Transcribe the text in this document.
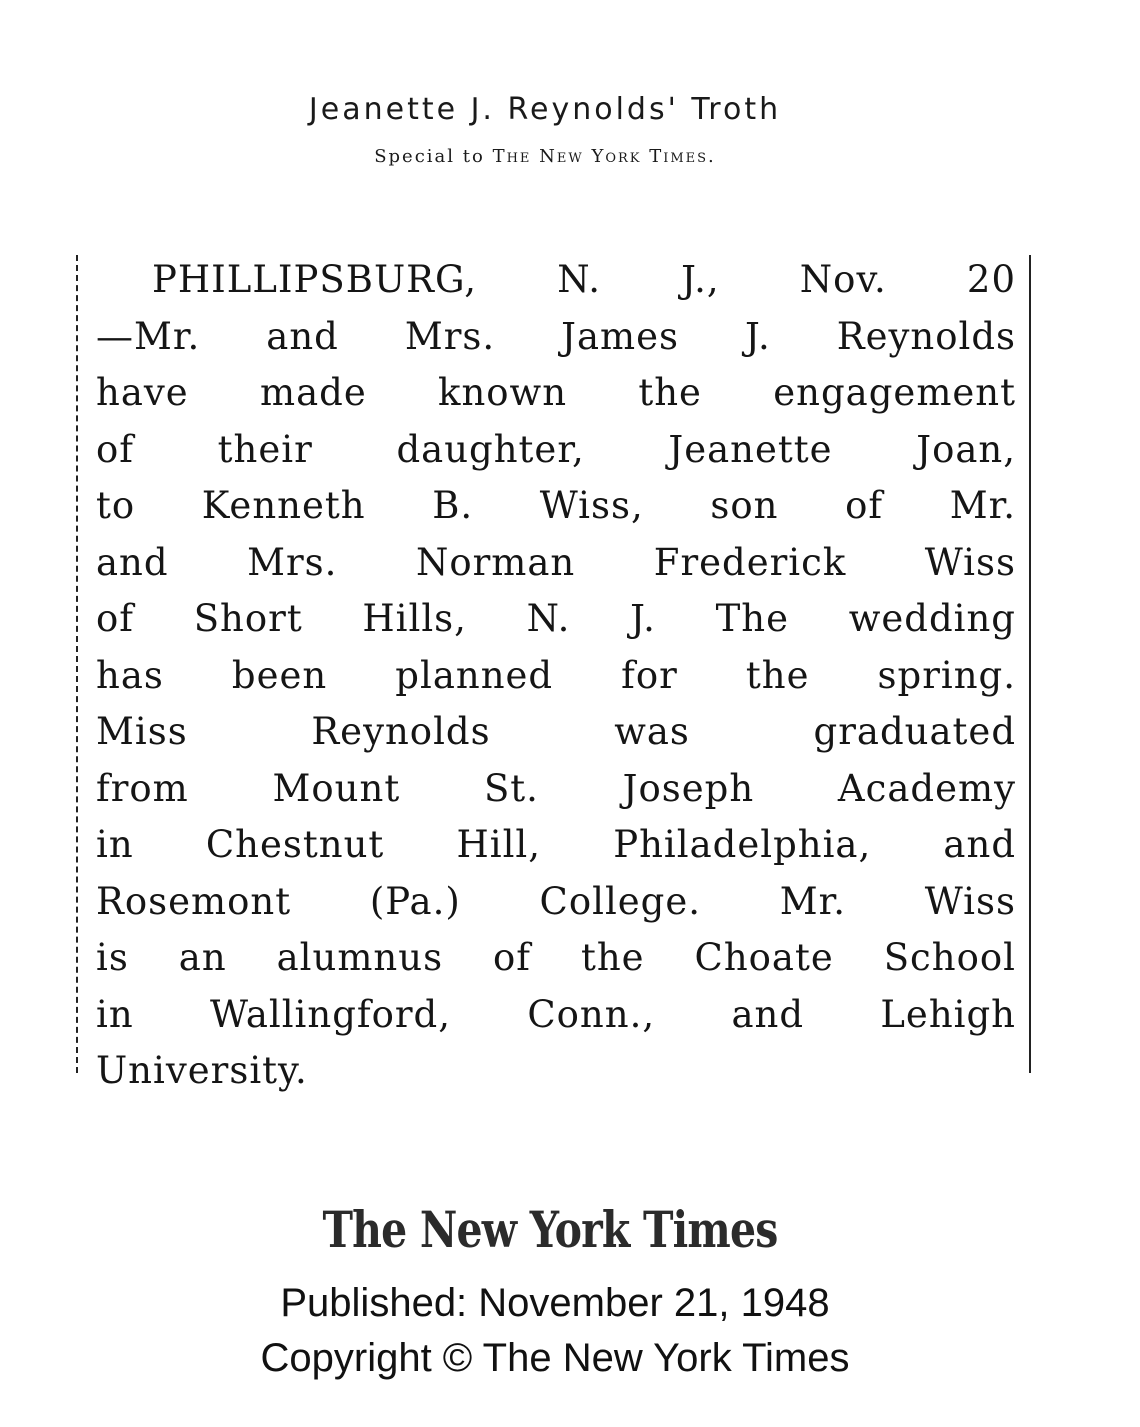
Jeanette J. Reynolds' Troth
Special to The New York Times.
PHILLIPSBURG, N. J., Nov. 20
—Mr. and Mrs. James J. Reynolds
have made known the engagement
of their daughter, Jeanette Joan,
to Kenneth B. Wiss, son of Mr.
and Mrs. Norman Frederick Wiss
of Short Hills, N. J. The wedding
has been planned for the spring.
Miss Reynolds was graduated
from Mount St. Joseph Academy
in Chestnut Hill, Philadelphia, and
Rosemont (Pa.) College. Mr. Wiss
is an alumnus of the Choate School
in Wallingford, Conn., and Lehigh
University.
The New York Times
Published: November 21, 1948
Copyright © The New York Times
